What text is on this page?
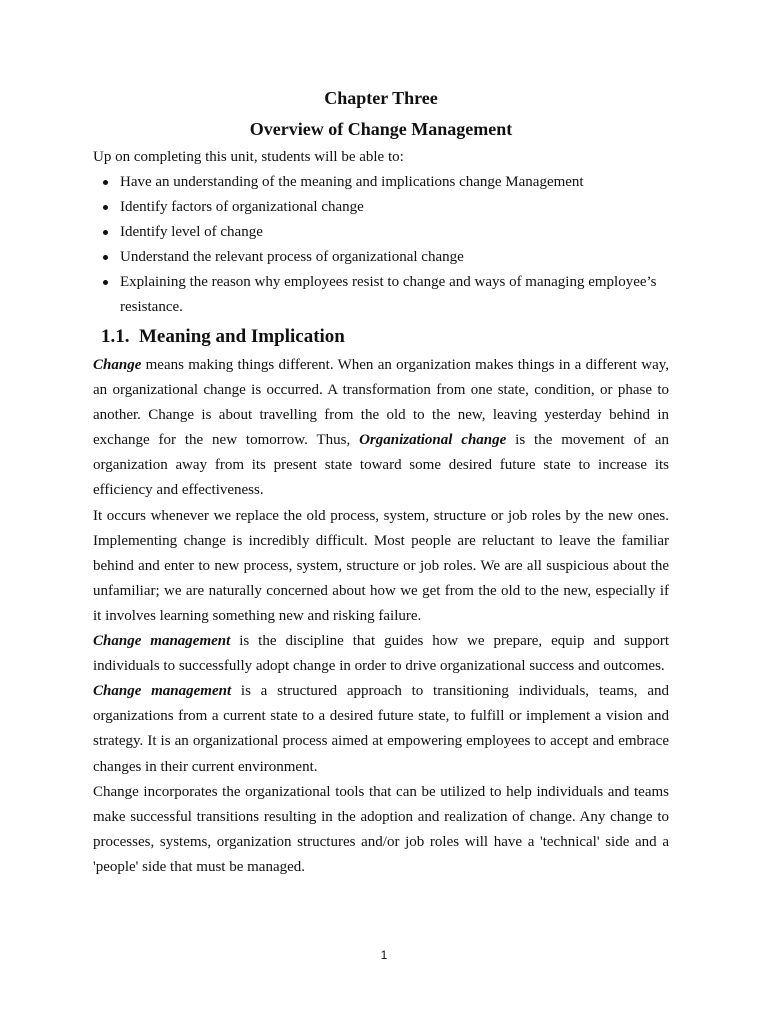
Chapter Three
Overview of Change Management

Up on completing this unit, students will be able to:

Have an understanding of the meaning and implications change Management
Identify factors of organizational change
Identify level of change
Understand the relevant process of organizational change
Explaining the reason why employees resist to change and ways of managing employee’s resistance.
1.1. Meaning and Implication

Change means making things different. When an organization makes things in a different way, an organizational change is occurred. A transformation from one state, condition, or phase to another. Change is about travelling from the old to the new, leaving yesterday behind in exchange for the new tomorrow. Thus, Organizational change is the movement of an organization away from its present state toward some desired future state to increase its efficiency and effectiveness.

It occurs whenever we replace the old process, system, structure or job roles by the new ones. Implementing change is incredibly difficult. Most people are reluctant to leave the familiar behind and enter to new process, system, structure or job roles. We are all suspicious about the unfamiliar; we are naturally concerned about how we get from the old to the new, especially if it involves learning something new and risking failure.

Change management is the discipline that guides how we prepare, equip and support individuals to successfully adopt change in order to drive organizational success and outcomes.

Change management is a structured approach to transitioning individuals, teams, and organizations from a current state to a desired future state, to fulfill or implement a vision and strategy. It is an organizational process aimed at empowering employees to accept and embrace changes in their current environment.

Change incorporates the organizational tools that can be utilized to help individuals and teams make successful transitions resulting in the adoption and realization of change. Any change to processes, systems, organization structures and/or job roles will have a 'technical' side and a 'people' side that must be managed.

1
